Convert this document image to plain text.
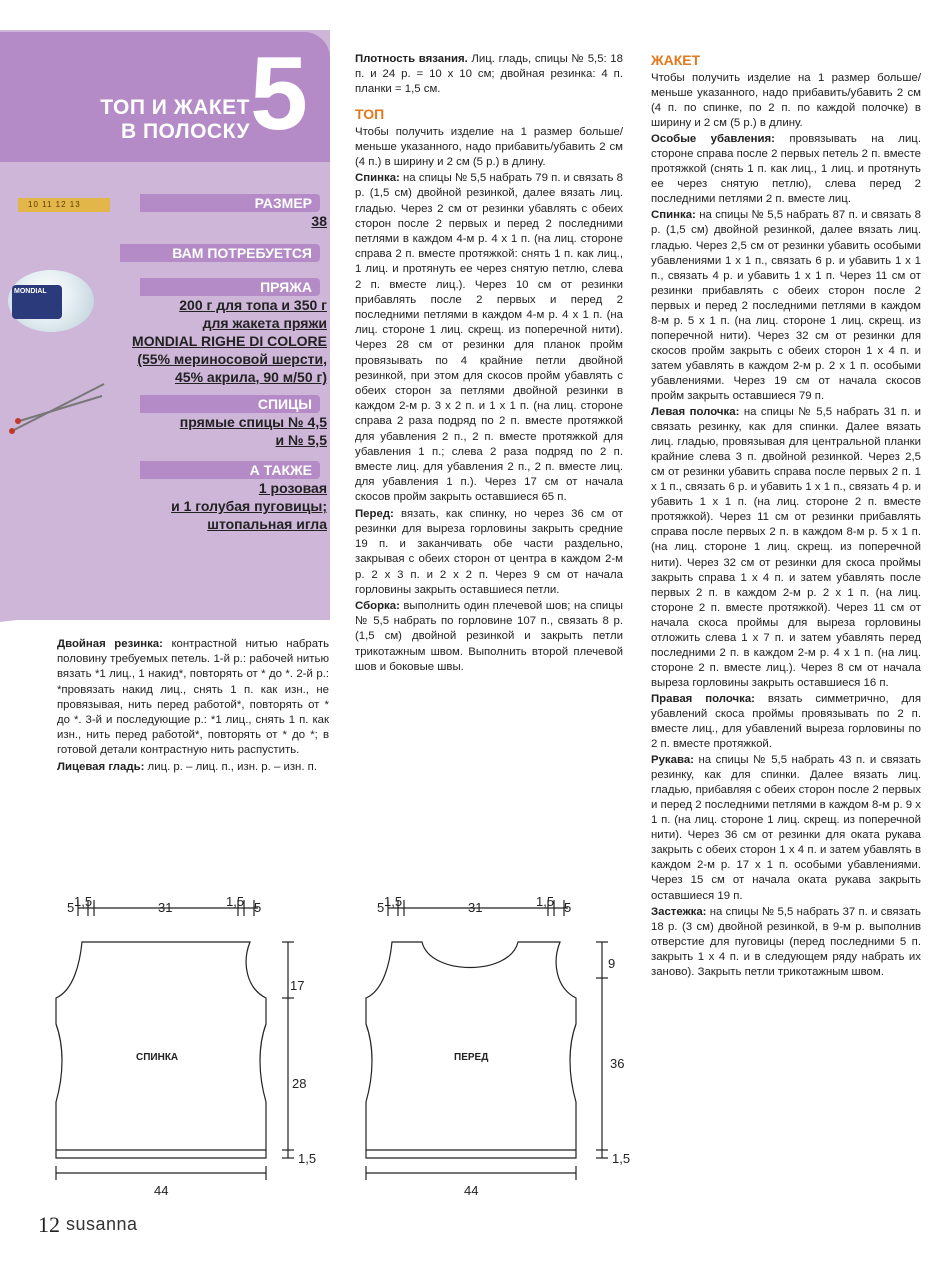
ТОП И ЖАКЕТ
В ПОЛОСКУ 5
10 11 12 13	РАЗМЕР
38
ВАМ ПОТРЕБУЕТСЯ
MONDIAL	ПРЯЖА
200 г для топа и 350 г
для жакета пряжи
MONDIAL RIGHE DI COLORE
(55% мериносовой шерсти,
45% акрила, 90 м/50 г)
СПИЦЫ
прямые спицы № 4,5
и № 5,5
А ТАКЖЕ
1 розовая
и 1 голубая пуговицы;
штопальная игла

Плотность вязания. Лиц. гладь, спицы № 5,5: 18 п. и 24 р. = 10 х 10 см; двойная резинка: 4 п. планки = 1,5 см.

ТОП

Чтобы получить изделие на 1 размер больше/меньше указанного, надо прибавить/убавить 2 см (4 п.) в ширину и 2 см (5 р.) в длину.

Спинка: на спицы № 5,5 набрать 79 п. и связать 8 р. (1,5 см) двойной резинкой, далее вязать лиц. гладью. Через 2 см от резинки убавлять с обеих сторон после 2 первых и перед 2 последними петлями в каждом 4-м р. 4 х 1 п. (на лиц. стороне справа 2 п. вместе протяжкой: снять 1 п. как лиц., 1 лиц. и протянуть ее через снятую петлю, слева 2 п. вместе лиц.). Через 10 см от резинки прибавлять после 2 первых и перед 2 последними петлями в каждом 4-м р. 4 х 1 п. (на лиц. стороне 1 лиц. скрещ. из поперечной нити). Через 28 см от резинки для планок пройм провязывать по 4 крайние петли двойной резинкой, при этом для скосов пройм убавлять с обеих сторон за петлями двойной резинки в каждом 2-м р. 3 х 2 п. и 1 х 1 п. (на лиц. стороне справа 2 раза подряд по 2 п. вместе протяжкой для убавления 2 п., 2 п. вместе протяжкой для убавления 1 п.; слева 2 раза подряд по 2 п. вместе лиц. для убавления 2 п., 2 п. вместе лиц. для убавления 1 п.). Через 17 см от начала скосов пройм закрыть оставшиеся 65 п.

Перед: вязать, как спинку, но через 36 см от резинки для выреза горловины закрыть средние 19 п. и заканчивать обе части раздельно, закрывая с обеих сторон от центра в каждом 2-м р. 2 х 3 п. и 2 х 2 п. Через 9 см от начала горловины закрыть оставшиеся петли.

Сборка: выполнить один плечевой шов; на спицы № 5,5 набрать по горловине 107 п., связать 8 р. (1,5 см) двойной резинкой и закрыть петли трикотажным швом. Выполнить второй плечевой шов и боковые швы.

ЖАКЕТ

Чтобы получить изделие на 1 размер больше/меньше указанного, надо прибавить/убавить 2 см (4 п. по спинке, по 2 п. по каждой полочке) в ширину и 2 см (5 р.) в длину.

Особые убавления: провязывать на лиц. стороне справа после 2 первых петель 2 п. вместе протяжкой (снять 1 п. как лиц., 1 лиц. и протянуть ее через снятую петлю), слева перед 2 последними петлями 2 п. вместе лиц.

Спинка: на спицы № 5,5 набрать 87 п. и связать 8 р. (1,5 см) двойной резинкой, далее вязать лиц. гладью. Через 2,5 см от резинки убавить особыми убавлениями 1 х 1 п., связать 6 р. и убавить 1 х 1 п., связать 4 р. и убавить 1 х 1 п. Через 11 см от резинки прибавлять с обеих сторон после 2 первых и перед 2 последними петлями в каждом 8-м р. 5 х 1 п. (на лиц. стороне 1 лиц. скрещ. из поперечной нити). Через 32 см от резинки для скосов пройм закрыть с обеих сторон 1 х 4 п. и затем убавлять в каждом 2-м р. 2 х 1 п. особыми убавлениями. Через 19 см от начала скосов пройм закрыть оставшиеся 79 п.

Левая полочка: на спицы № 5,5 набрать 31 п. и связать резинку, как для спинки. Далее вязать лиц. гладью, провязывая для центральной планки крайние слева 3 п. двойной резинкой. Через 2,5 см от резинки убавить справа после первых 2 п. 1 х 1 п., связать 6 р. и убавить 1 х 1 п., связать 4 р. и убавить 1 х 1 п. (на лиц. стороне 2 п. вместе протяжкой). Через 11 см от резинки прибавлять справа после первых 2 п. в каждом 8-м р. 5 х 1 п. (на лиц. стороне 1 лиц. скрещ. из поперечной нити). Через 32 см от резинки для скоса проймы закрыть справа 1 х 4 п. и затем убавлять после первых 2 п. в каждом 2-м р. 2 х 1 п. (на лиц. стороне 2 п. вместе протяжкой). Через 11 см от начала скоса проймы для выреза горловины отложить слева 1 х 7 п. и затем убавлять перед последними 2 п. в каждом 2-м р. 4 х 1 п. (на лиц. стороне 2 п. вместе лиц.). Через 8 см от начала выреза горловины закрыть оставшиеся 16 п.

Правая полочка: вязать симметрично, для убавлений скоса проймы провязывать по 2 п. вместе лиц., для убавлений выреза горловины по 2 п. вместе протяжкой.

Рукава: на спицы № 5,5 набрать 43 п. и связать резинку, как для спинки. Далее вязать лиц. гладью, прибавляя с обеих сторон после 2 первых и перед 2 последними петлями в каждом 8-м р. 9 х 1 п. (на лиц. стороне 1 лиц. скрещ. из поперечной нити). Через 36 см от резинки для оката рукава закрыть с обеих сторон 1 х 4 п. и затем убавлять в каждом 2-м р. 17 х 1 п. особыми убавлениями. Через 15 см от начала оката рукава закрыть оставшиеся 19 п.

Застежка: на спицы № 5,5 набрать 37 п. и связать 18 р. (3 см) двойной резинкой, в 9-м р. выполнив отверстие для пуговицы (перед последними 5 п. закрыть 1 х 4 п. и в следующем ряду набрать их заново). Закрыть петли трикотажным швом.

Двойная резинка: контрастной нитью набрать половину требуемых петель. 1-й р.: рабочей нитью вязать *1 лиц., 1 накид*, повторять от * до *. 2-й р.: *провязать накид лиц., снять 1 п. как изн., не провязывая, нить перед работой*, повторять от * до *. 3-й и последующие р.: *1 лиц., снять 1 п. как изн., нить перед работой*, повторять от * до *; в готовой детали контрастную нить распустить.

Лицевая гладь: лиц. р. – лиц. п., изн. р. – изн. п.

5 1,5	31	1,5 5
17
28
1,5
44
СПИНКА
5 1,5	31	1,5 5
9
36
1,5
44
ПЕРЕД
12 susanna
